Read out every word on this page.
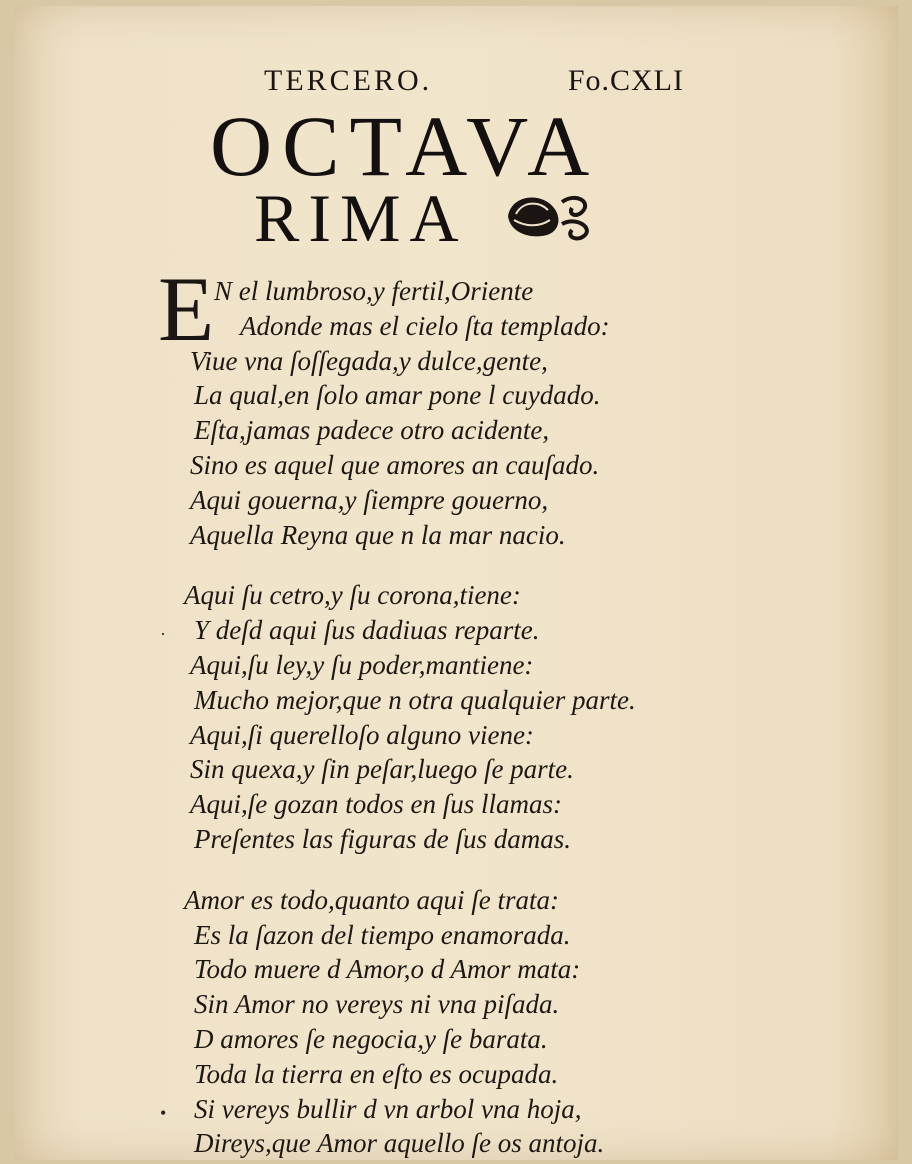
TERCERO.	Fo.CXLI
OCTAVA
RIMA
E N el lumbroso,y fertil,Oriente
Adonde mas el cielo ſta templado:
Viue vna ſoſſegada,y dulce,gente,
La qual,en ſolo amar pone l cuydado.
Eſta,jamas padece otro acidente,
Sino es aquel que amores an cauſado.
Aqui gouerna,y ſiempre gouerno,
Aquella Reyna que n la mar nacio.
Aqui ſu cetro,y ſu corona,tiene:
· Y deſd aqui ſus dadiuas reparte.
Aqui,ſu ley,y ſu poder,mantiene:
Mucho mejor,que n otra qualquier parte.
Aqui,ſi querelloſo alguno viene:
Sin quexa,y ſin peſar,luego ſe parte.
Aqui,ſe gozan todos en ſus llamas:
Preſentes las figuras de ſus damas.
Amor es todo,quanto aqui ſe trata:
Es la ſazon del tiempo enamorada.
Todo muere d Amor,o d Amor mata:
Sin Amor no vereys ni vna piſada.
D amores ſe negocia,y ſe barata.
Toda la tierra en eſto es ocupada.
• Si vereys bullir d vn arbol vna hoja,
Direys,que Amor aquello ſe os antoja.
